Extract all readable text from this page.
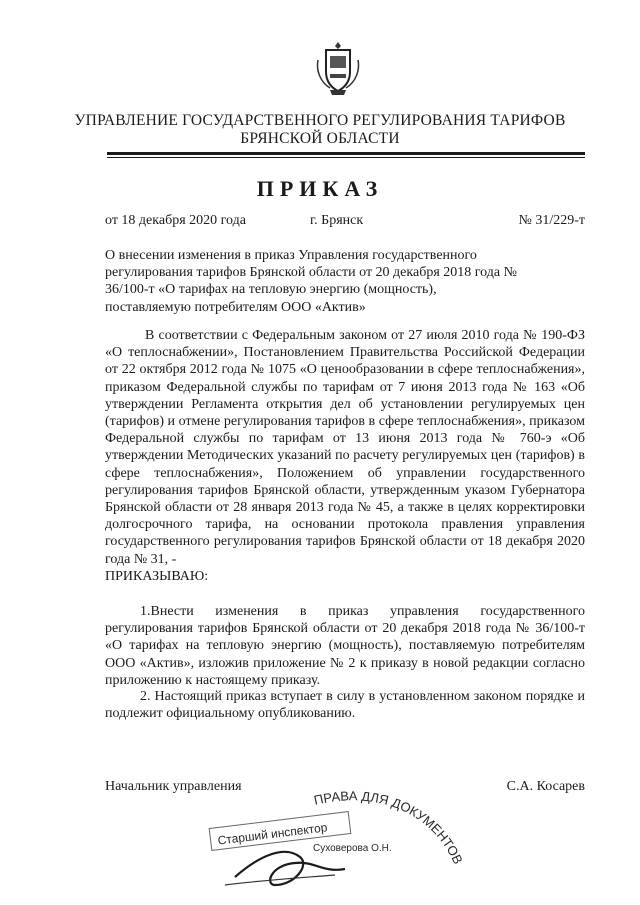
УПРАВЛЕНИЕ ГОСУДАРСТВЕННОГО РЕГУЛИРОВАНИЯ ТАРИФОВ
БРЯНСКОЙ ОБЛАСТИ
ПРИКАЗ
от 18 декабря 2020 года	г. Брянск	№ 31/229-т
О внесении изменения в приказ Управления государственного регулирования тарифов Брянской области от 20 декабря 2018 года № 36/100-т «О тарифах на тепловую энергию (мощность), поставляемую потребителям ООО «Актив»
В соответствии с Федеральным законом от 27 июля 2010 года № 190-ФЗ «О теплоснабжении», Постановлением Правительства Российской Федерации от 22 октября 2012 года № 1075 «О ценообразовании в сфере теплоснабжения», приказом Федеральной службы по тарифам от 7 июня 2013 года № 163 «Об утверждении Регламента открытия дел об установлении регулируемых цен (тарифов) и отмене регулирования тарифов в сфере теплоснабжения», приказом Федеральной службы по тарифам от 13 июня 2013 года № 760-э «Об утверждении Методических указаний по расчету регулируемых цен (тарифов) в сфере теплоснабжения», Положением об управлении государственного регулирования тарифов Брянской области, утвержденным указом Губернатора Брянской области от 28 января 2013 года № 45, а также в целях корректировки долгосрочного тарифа, на основании протокола правления управления государственного регулирования тарифов Брянской области от 18 декабря 2020 года № 31, -
ПРИКАЗЫВАЮ:
1.Внести изменения в приказ управления государственного регулирования тарифов Брянской области от 20 декабря 2018 года № 36/100-т «О тарифах на тепловую энергию (мощность), поставляемую потребителям ООО «Актив», изложив приложение № 2 к приказу в новой редакции согласно приложению к настоящему приказу.
2. Настоящий приказ вступает в силу в установленном законом порядке и подлежит официальному опубликованию.
Начальник управления	С.А. Косарев
Старший инспектор
ПРАВА ДЛЯ ДОКУМЕНТОВ
Суховерова О.Н.
